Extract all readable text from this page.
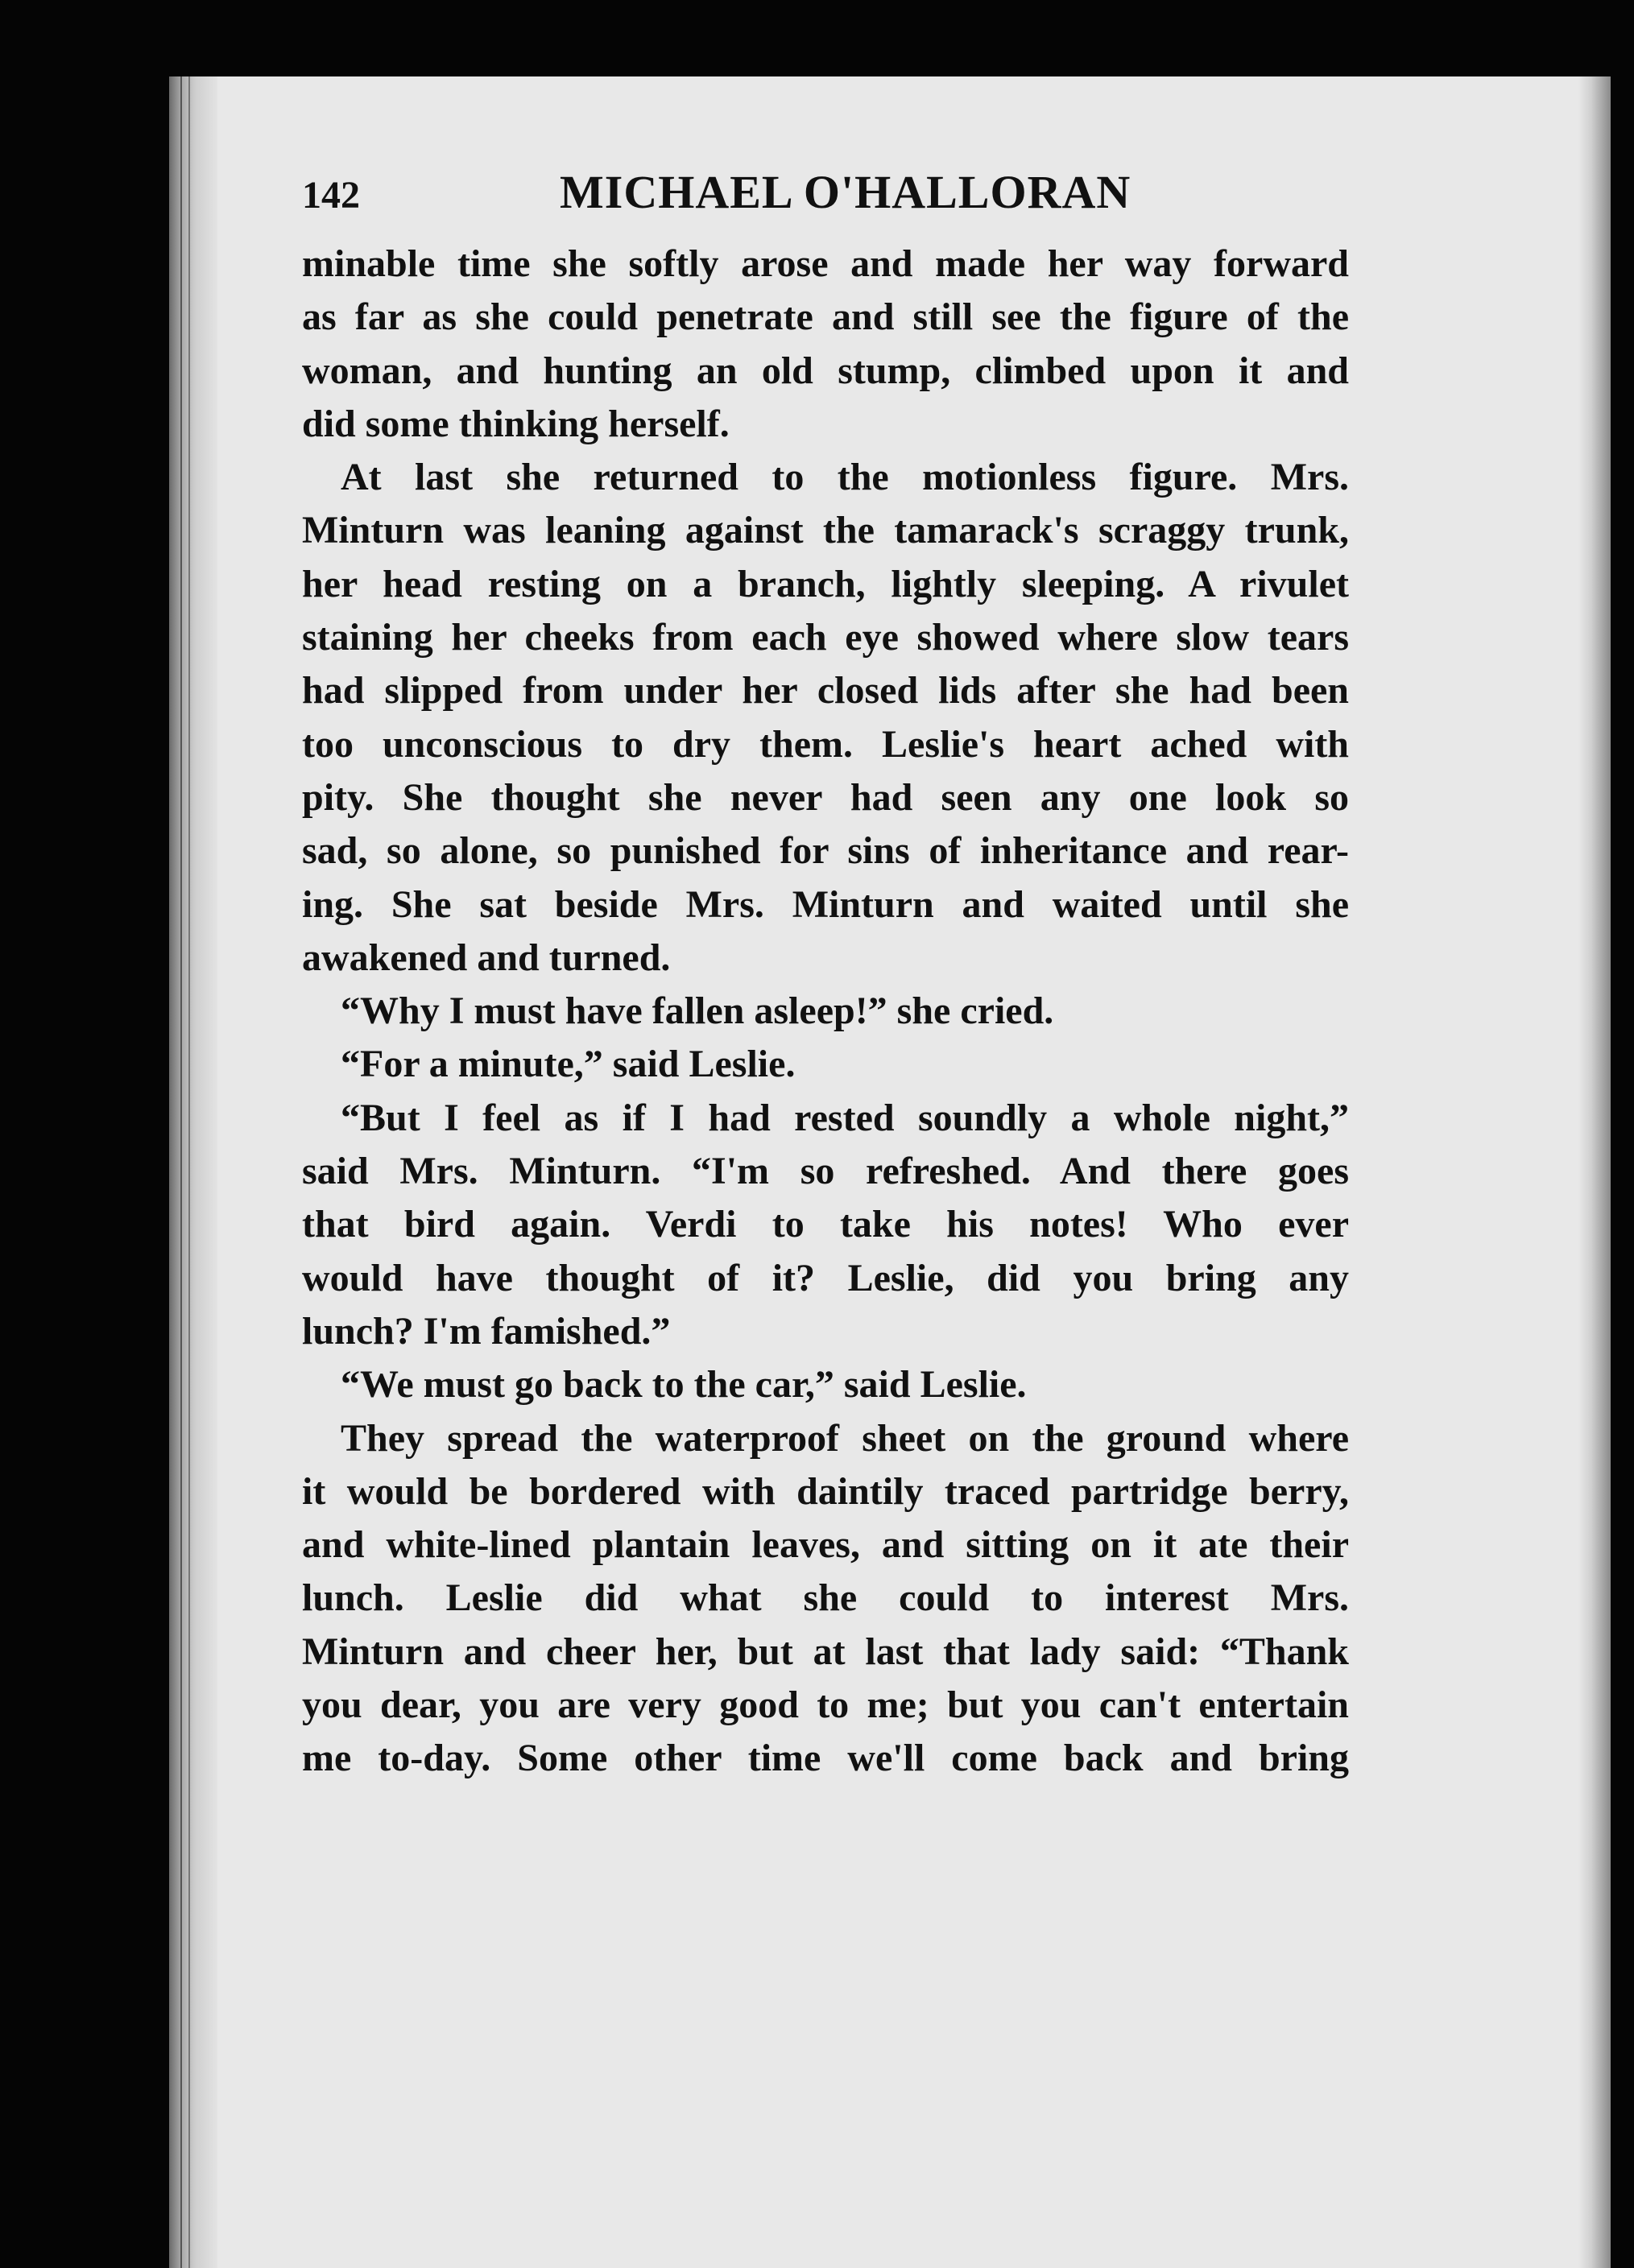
142	MICHAEL O'HALLORAN
minable time she softly arose and made her way forward
as far as she could penetrate and still see the figure of the
woman, and hunting an old stump, climbed upon it and
did some thinking herself.
At last she returned to the motionless figure. Mrs.
Minturn was leaning against the tamarack's scraggy trunk,
her head resting on a branch, lightly sleeping. A rivulet
staining her cheeks from each eye showed where slow tears
had slipped from under her closed lids after she had been
too unconscious to dry them. Leslie's heart ached with
pity. She thought she never had seen any one look so
sad, so alone, so punished for sins of inheritance and rear-
ing. She sat beside Mrs. Minturn and waited until she
awakened and turned.
“Why I must have fallen asleep!” she cried.
“For a minute,” said Leslie.
“But I feel as if I had rested soundly a whole night,”
said Mrs. Minturn. “I'm so refreshed. And there goes
that bird again. Verdi to take his notes! Who ever
would have thought of it? Leslie, did you bring any
lunch? I'm famished.”
“We must go back to the car,” said Leslie.
They spread the waterproof sheet on the ground where
it would be bordered with daintily traced partridge berry,
and white-lined plantain leaves, and sitting on it ate their
lunch. Leslie did what she could to interest Mrs.
Minturn and cheer her, but at last that lady said: “Thank
you dear, you are very good to me; but you can't entertain
me to-day. Some other time we'll come back and bring
